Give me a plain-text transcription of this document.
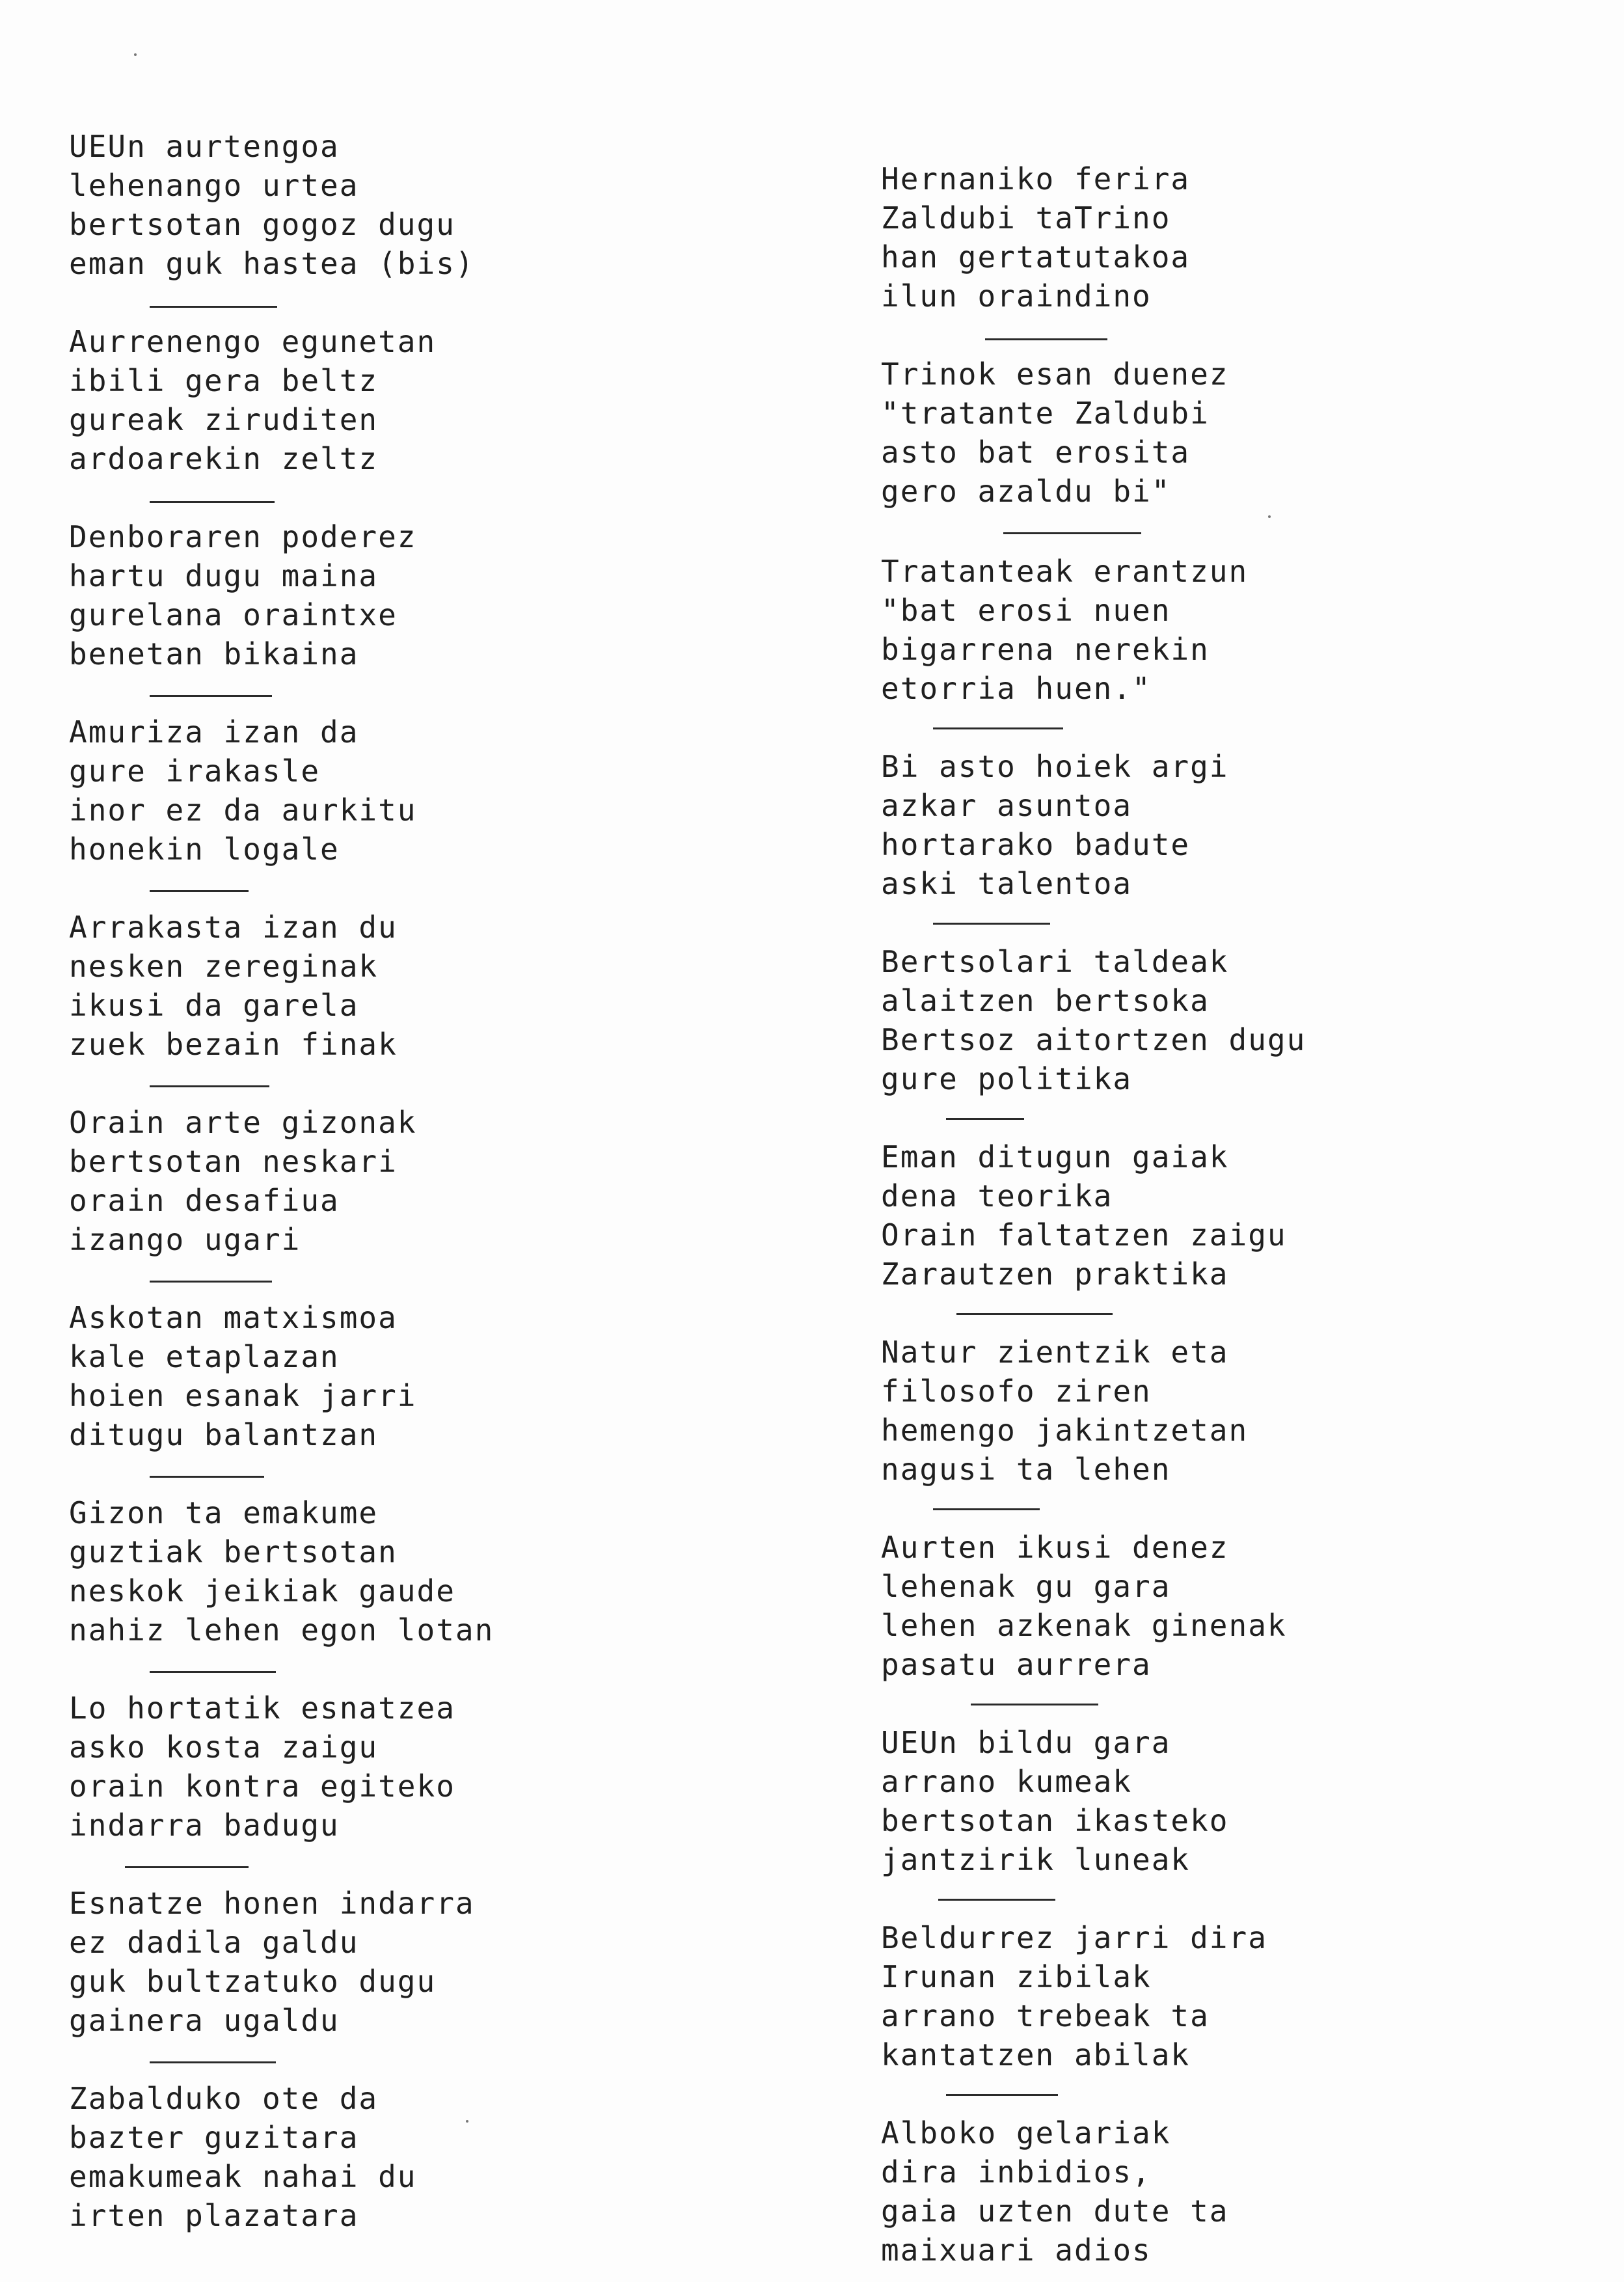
UEUn aurtengoa
lehenango urtea
bertsotan gogoz dugu
eman guk hastea (bis)
Aurrenengo egunetan
ibili gera beltz
gureak ziruditen
ardoarekin zeltz
Denboraren poderez
hartu dugu maina
gurelana oraintxe
benetan bikaina
Amuriza izan da
gure irakasle
inor ez da aurkitu
honekin logale
Arrakasta izan du
nesken zereginak
ikusi da garela
zuek bezain finak
Orain arte gizonak
bertsotan neskari
orain desafiua
izango ugari
Askotan matxismoa
kale etaplazan
hoien esanak jarri
ditugu balantzan
Gizon ta emakume
guztiak bertsotan
neskok jeikiak gaude
nahiz lehen egon lotan
Lo hortatik esnatzea
asko kosta zaigu
orain kontra egiteko
indarra badugu
Esnatze honen indarra
ez dadila galdu
guk bultzatuko dugu
gainera ugaldu
Zabalduko ote da
bazter guzitara
emakumeak nahai du
irten plazatara
Hernaniko ferira
Zaldubi taTrino
han gertatutakoa
ilun oraindino
Trinok esan duenez
"tratante Zaldubi
asto bat erosita
gero azaldu bi"
Tratanteak erantzun
"bat erosi nuen
bigarrena nerekin
etorria huen."
Bi asto hoiek argi
azkar asuntoa
hortarako badute
aski talentoa
Bertsolari taldeak
alaitzen bertsoka
Bertsoz aitortzen dugu
gure politika
Eman ditugun gaiak
dena teorika
Orain faltatzen zaigu
Zarautzen praktika
Natur zientzik eta
filosofo ziren
hemengo jakintzetan
nagusi ta lehen
Aurten ikusi denez
lehenak gu gara
lehen azkenak ginenak
pasatu aurrera
UEUn bildu gara
arrano kumeak
bertsotan ikasteko
jantzirik luneak
Beldurrez jarri dira
Irunan zibilak
arrano trebeak ta
kantatzen abilak
Alboko gelariak
dira inbidios,
gaia uzten dute ta
maixuari adios
